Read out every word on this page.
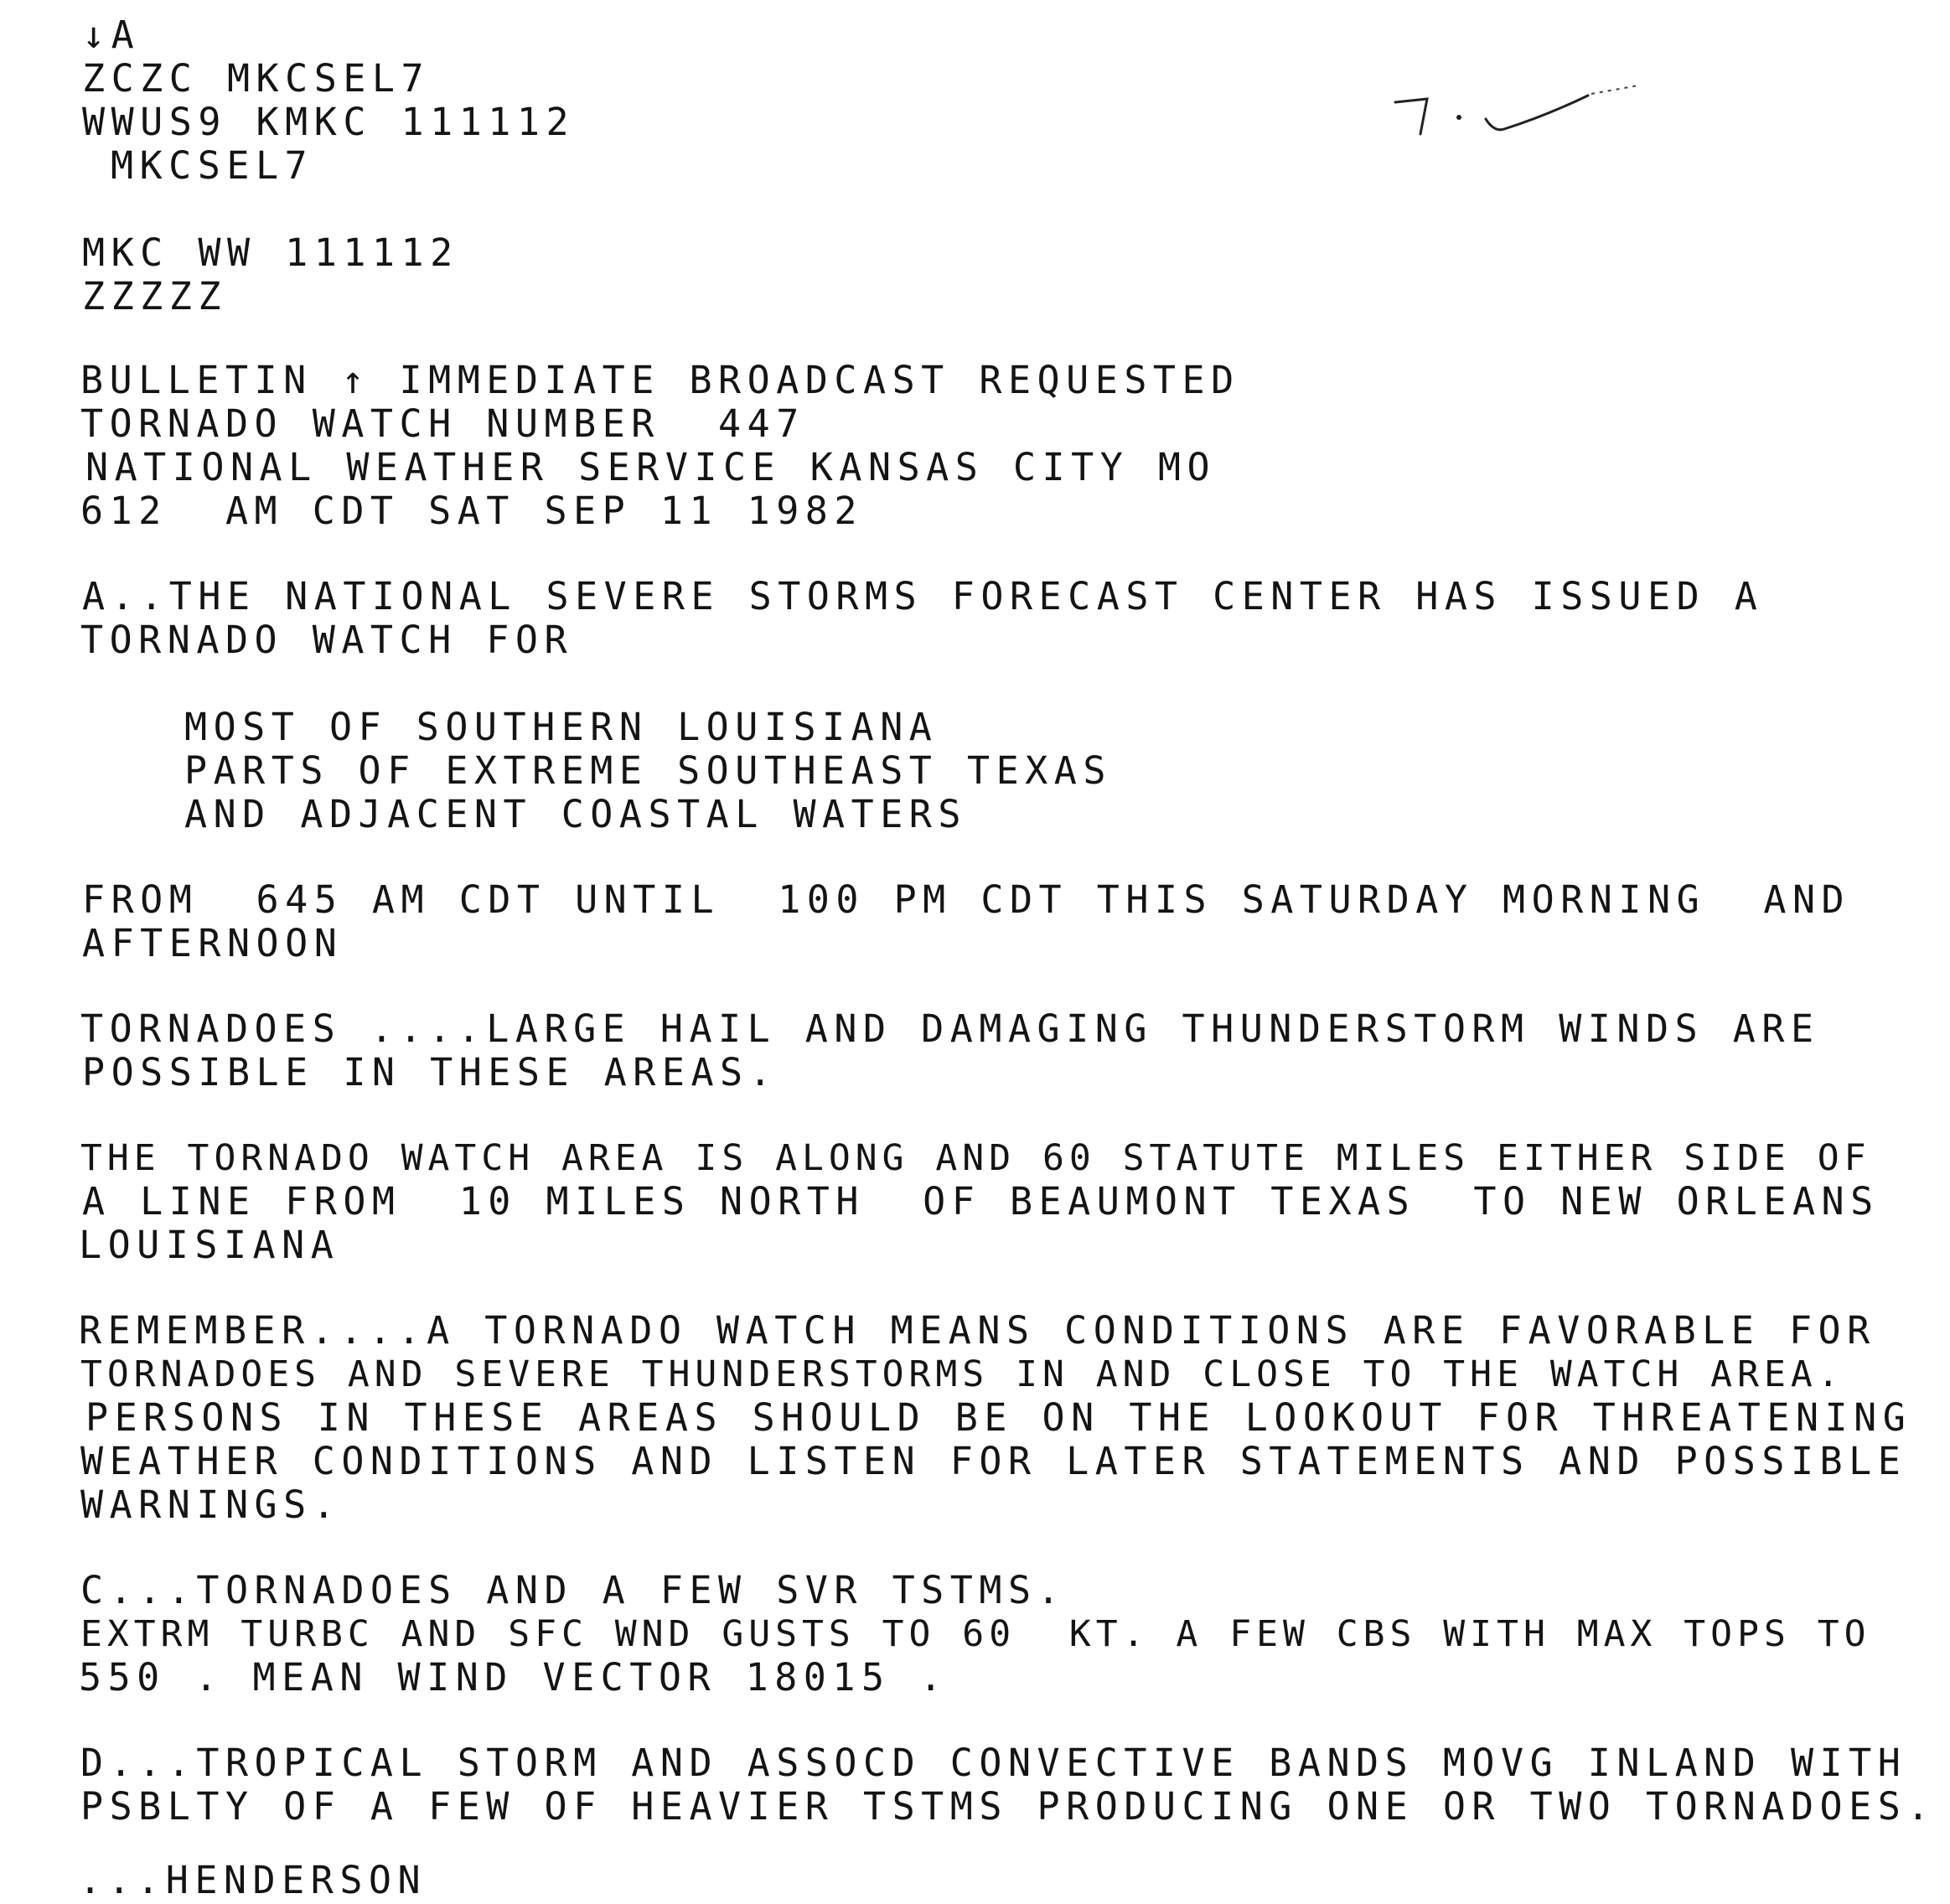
↓A
ZCZC MKCSEL7
WWUS9 KMKC 111112
MKCSEL7
MKC WW 111112
ZZZZZ
BULLETIN ↑ IMMEDIATE BROADCAST REQUESTED
TORNADO WATCH NUMBER  447
NATIONAL WEATHER SERVICE KANSAS CITY MO
612  AM CDT SAT SEP 11 1982
A..THE NATIONAL SEVERE STORMS FORECAST CENTER HAS ISSUED A
TORNADO WATCH FOR
MOST OF SOUTHERN LOUISIANA
PARTS OF EXTREME SOUTHEAST TEXAS
AND ADJACENT COASTAL WATERS
FROM  645 AM CDT UNTIL  100 PM CDT THIS SATURDAY MORNING  AND
AFTERNOON
TORNADOES ....LARGE HAIL AND DAMAGING THUNDERSTORM WINDS ARE
POSSIBLE IN THESE AREAS.
THE TORNADO WATCH AREA IS ALONG AND 60 STATUTE MILES EITHER SIDE OF
A LINE FROM  10 MILES NORTH  OF BEAUMONT TEXAS  TO NEW ORLEANS
LOUISIANA
REMEMBER....A TORNADO WATCH MEANS CONDITIONS ARE FAVORABLE FOR
TORNADOES AND SEVERE THUNDERSTORMS IN AND CLOSE TO THE WATCH AREA.
PERSONS IN THESE AREAS SHOULD BE ON THE LOOKOUT FOR THREATENING
WEATHER CONDITIONS AND LISTEN FOR LATER STATEMENTS AND POSSIBLE
WARNINGS.
C...TORNADOES AND A FEW SVR TSTMS.
EXTRM TURBC AND SFC WND GUSTS TO 60  KT. A FEW CBS WITH MAX TOPS TO
550 . MEAN WIND VECTOR 18015 .
D...TROPICAL STORM AND ASSOCD CONVECTIVE BANDS MOVG INLAND WITH
PSBLTY OF A FEW OF HEAVIER TSTMS PRODUCING ONE OR TWO TORNADOES.
...HENDERSON
